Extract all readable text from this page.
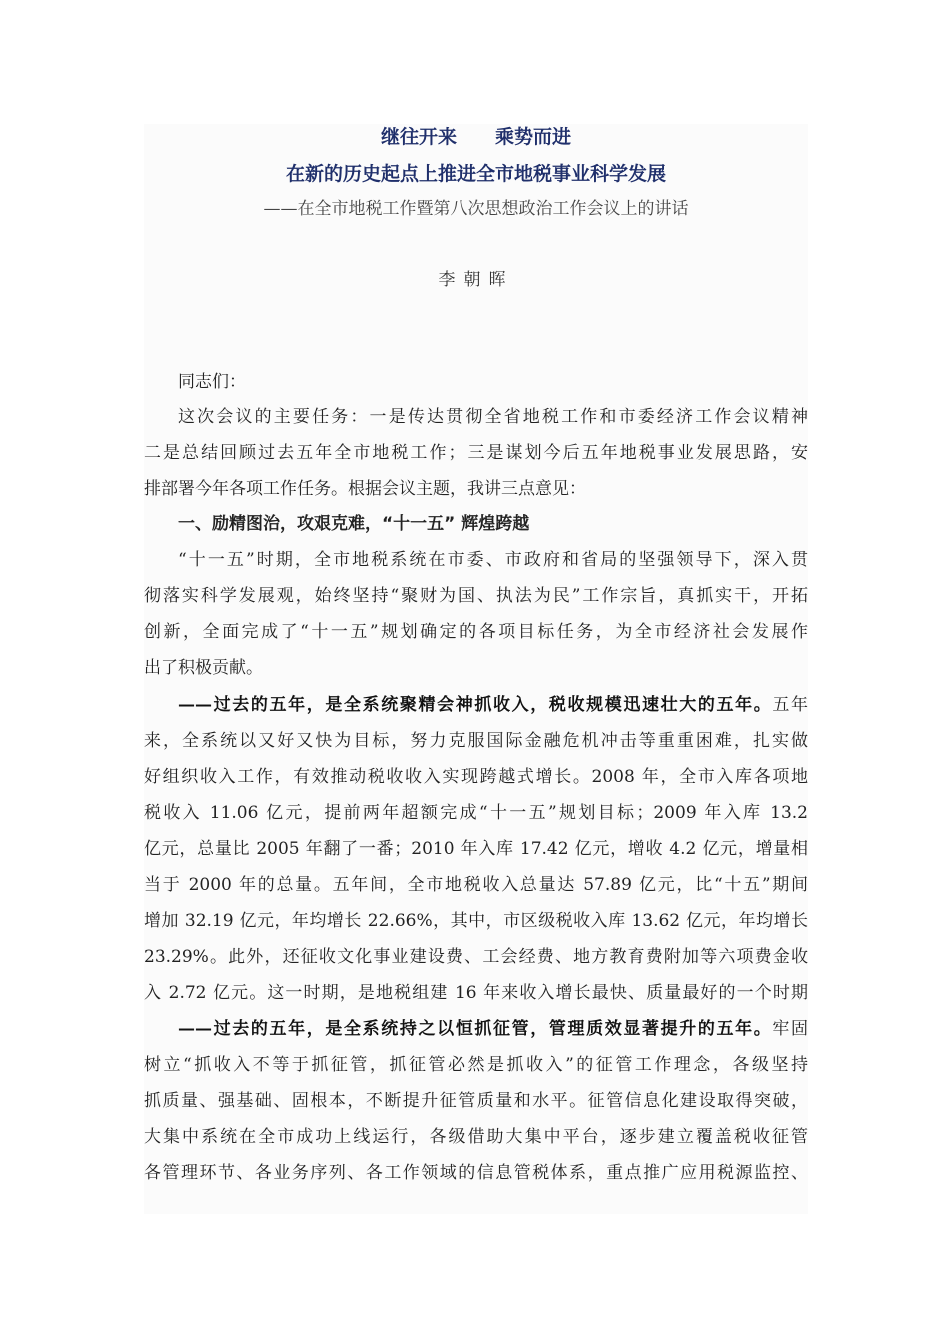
继往开来　　乘势而进
在新的历史起点上推进全市地税事业科学发展
——在全市地税工作暨第八次思想政治工作会议上的讲话
李朝晖
同志们：
这次会议的主要任务：一是传达贯彻全省地税工作和市委经济工作会议精神
二是总结回顾过去五年全市地税工作；三是谋划今后五年地税事业发展思路，安
排部署今年各项工作任务。根据会议主题，我讲三点意见：
一、励精图治，攻艰克难，“十一五” 辉煌跨越
“十一五”时期，全市地税系统在市委、市政府和省局的坚强领导下，深入贯
彻落实科学发展观，始终坚持“聚财为国、执法为民”工作宗旨，真抓实干，开拓
创新，全面完成了“十一五”规划确定的各项目标任务，为全市经济社会发展作
出了积极贡献。
——过去的五年，是全系统聚精会神抓收入，税收规模迅速壮大的五年。五年
来，全系统以又好又快为目标，努力克服国际金融危机冲击等重重困难，扎实做
好组织收入工作，有效推动税收收入实现跨越式增长。2008 年，全市入库各项地
税收入 11.06 亿元，提前两年超额完成“十一五”规划目标；2009 年入库 13.2
亿元，总量比 2005 年翻了一番；2010 年入库 17.42 亿元，增收 4.2 亿元，增量相
当于 2000 年的总量。五年间，全市地税收入总量达 57.89 亿元，比“十五”期间
增加 32.19 亿元，年均增长 22.66%，其中，市区级税收入库 13.62 亿元，年均增长
23.29%。此外，还征收文化事业建设费、工会经费、地方教育费附加等六项费金收
入 2.72 亿元。这一时期，是地税组建 16 年来收入增长最快、质量最好的一个时期
——过去的五年，是全系统持之以恒抓征管，管理质效显著提升的五年。牢固
树立“抓收入不等于抓征管，抓征管必然是抓收入”的征管工作理念，各级坚持
抓质量、强基础、固根本，不断提升征管质量和水平。征管信息化建设取得突破，
大集中系统在全市成功上线运行，各级借助大集中平台，逐步建立覆盖税收征管
各管理环节、各业务序列、各工作领域的信息管税体系，重点推广应用税源监控、
